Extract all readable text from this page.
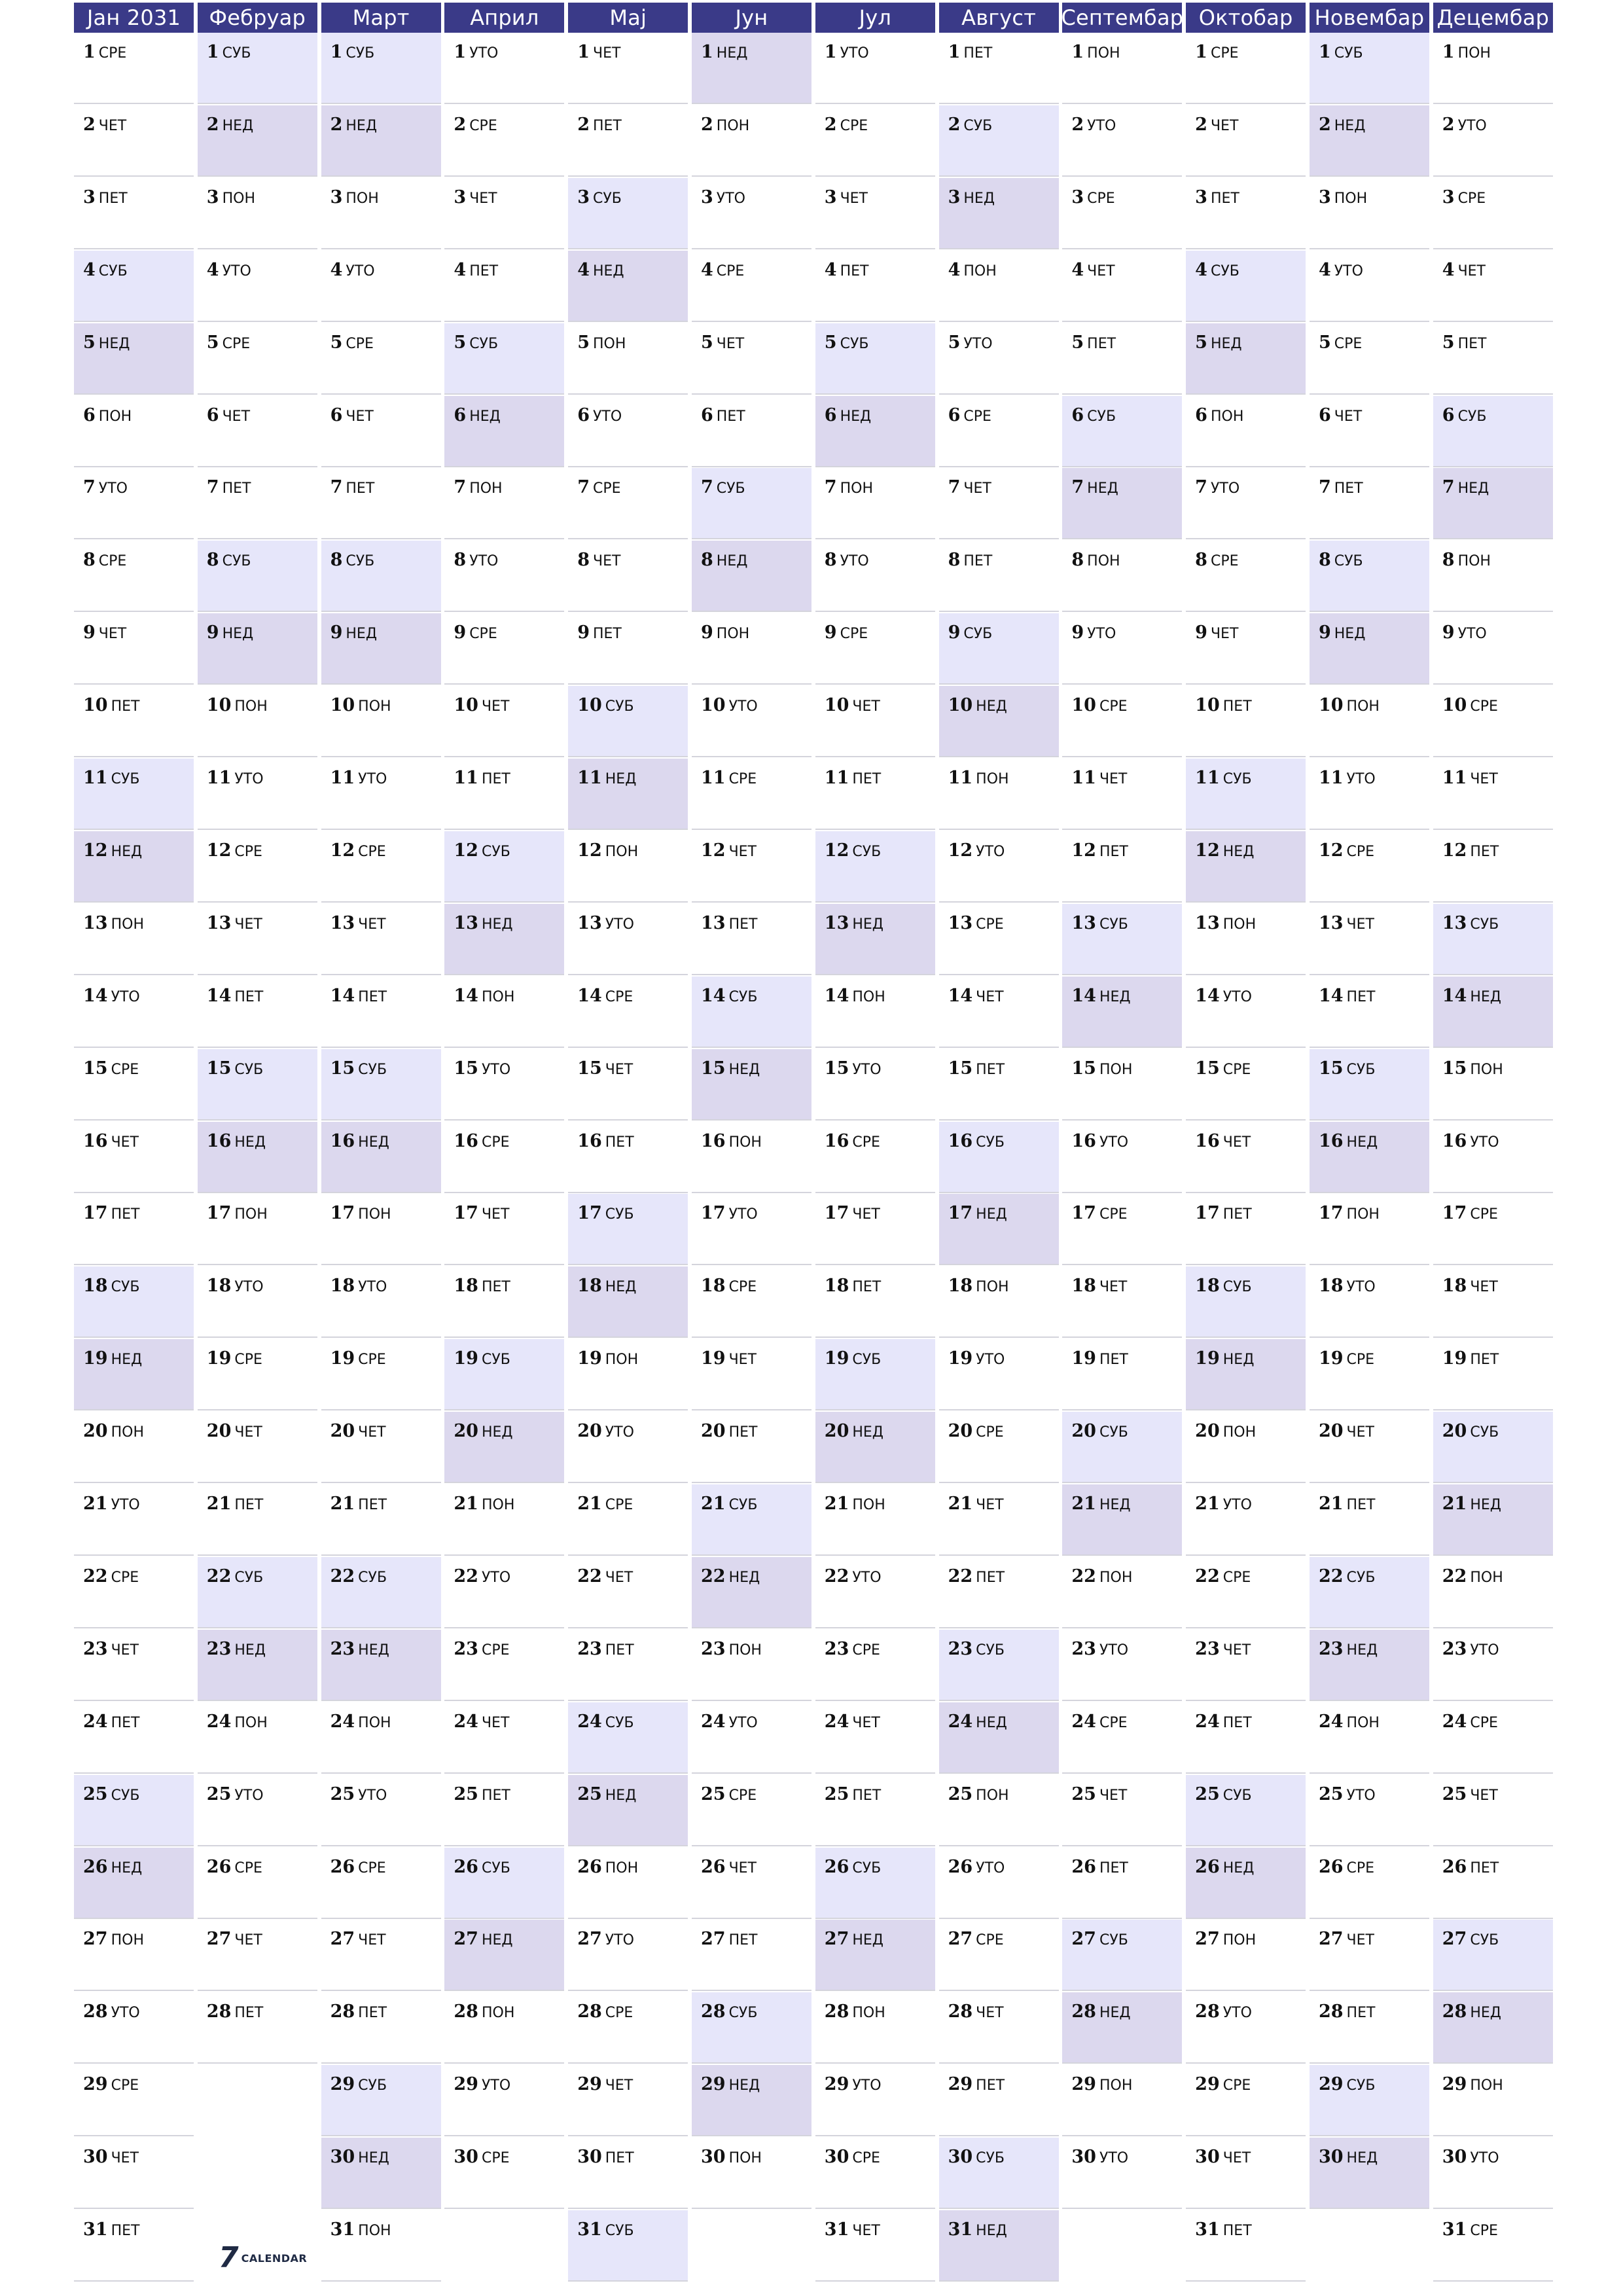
Јан 2031
1 СРЕ
2 ЧЕТ
3 ПЕТ
4 СУБ
5 НЕД
6 ПОН
7 УТО
8 СРЕ
9 ЧЕТ
10 ПЕТ
11 СУБ
12 НЕД
13 ПОН
14 УТО
15 СРЕ
16 ЧЕТ
17 ПЕТ
18 СУБ
19 НЕД
20 ПОН
21 УТО
22 СРЕ
23 ЧЕТ
24 ПЕТ
25 СУБ
26 НЕД
27 ПОН
28 УТО
29 СРЕ
30 ЧЕТ
31 ПЕТ
Фебруар
1 СУБ
2 НЕД
3 ПОН
4 УТО
5 СРЕ
6 ЧЕТ
7 ПЕТ
8 СУБ
9 НЕД
10 ПОН
11 УТО
12 СРЕ
13 ЧЕТ
14 ПЕТ
15 СУБ
16 НЕД
17 ПОН
18 УТО
19 СРЕ
20 ЧЕТ
21 ПЕТ
22 СУБ
23 НЕД
24 ПОН
25 УТО
26 СРЕ
27 ЧЕТ
28 ПЕТ
Март
1 СУБ
2 НЕД
3 ПОН
4 УТО
5 СРЕ
6 ЧЕТ
7 ПЕТ
8 СУБ
9 НЕД
10 ПОН
11 УТО
12 СРЕ
13 ЧЕТ
14 ПЕТ
15 СУБ
16 НЕД
17 ПОН
18 УТО
19 СРЕ
20 ЧЕТ
21 ПЕТ
22 СУБ
23 НЕД
24 ПОН
25 УТО
26 СРЕ
27 ЧЕТ
28 ПЕТ
29 СУБ
30 НЕД
31 ПОН
Април
1 УТО
2 СРЕ
3 ЧЕТ
4 ПЕТ
5 СУБ
6 НЕД
7 ПОН
8 УТО
9 СРЕ
10 ЧЕТ
11 ПЕТ
12 СУБ
13 НЕД
14 ПОН
15 УТО
16 СРЕ
17 ЧЕТ
18 ПЕТ
19 СУБ
20 НЕД
21 ПОН
22 УТО
23 СРЕ
24 ЧЕТ
25 ПЕТ
26 СУБ
27 НЕД
28 ПОН
29 УТО
30 СРЕ
Мај
1 ЧЕТ
2 ПЕТ
3 СУБ
4 НЕД
5 ПОН
6 УТО
7 СРЕ
8 ЧЕТ
9 ПЕТ
10 СУБ
11 НЕД
12 ПОН
13 УТО
14 СРЕ
15 ЧЕТ
16 ПЕТ
17 СУБ
18 НЕД
19 ПОН
20 УТО
21 СРЕ
22 ЧЕТ
23 ПЕТ
24 СУБ
25 НЕД
26 ПОН
27 УТО
28 СРЕ
29 ЧЕТ
30 ПЕТ
31 СУБ
Јун
1 НЕД
2 ПОН
3 УТО
4 СРЕ
5 ЧЕТ
6 ПЕТ
7 СУБ
8 НЕД
9 ПОН
10 УТО
11 СРЕ
12 ЧЕТ
13 ПЕТ
14 СУБ
15 НЕД
16 ПОН
17 УТО
18 СРЕ
19 ЧЕТ
20 ПЕТ
21 СУБ
22 НЕД
23 ПОН
24 УТО
25 СРЕ
26 ЧЕТ
27 ПЕТ
28 СУБ
29 НЕД
30 ПОН
Јул
1 УТО
2 СРЕ
3 ЧЕТ
4 ПЕТ
5 СУБ
6 НЕД
7 ПОН
8 УТО
9 СРЕ
10 ЧЕТ
11 ПЕТ
12 СУБ
13 НЕД
14 ПОН
15 УТО
16 СРЕ
17 ЧЕТ
18 ПЕТ
19 СУБ
20 НЕД
21 ПОН
22 УТО
23 СРЕ
24 ЧЕТ
25 ПЕТ
26 СУБ
27 НЕД
28 ПОН
29 УТО
30 СРЕ
31 ЧЕТ
Август
1 ПЕТ
2 СУБ
3 НЕД
4 ПОН
5 УТО
6 СРЕ
7 ЧЕТ
8 ПЕТ
9 СУБ
10 НЕД
11 ПОН
12 УТО
13 СРЕ
14 ЧЕТ
15 ПЕТ
16 СУБ
17 НЕД
18 ПОН
19 УТО
20 СРЕ
21 ЧЕТ
22 ПЕТ
23 СУБ
24 НЕД
25 ПОН
26 УТО
27 СРЕ
28 ЧЕТ
29 ПЕТ
30 СУБ
31 НЕД
Септембар
1 ПОН
2 УТО
3 СРЕ
4 ЧЕТ
5 ПЕТ
6 СУБ
7 НЕД
8 ПОН
9 УТО
10 СРЕ
11 ЧЕТ
12 ПЕТ
13 СУБ
14 НЕД
15 ПОН
16 УТО
17 СРЕ
18 ЧЕТ
19 ПЕТ
20 СУБ
21 НЕД
22 ПОН
23 УТО
24 СРЕ
25 ЧЕТ
26 ПЕТ
27 СУБ
28 НЕД
29 ПОН
30 УТО
Октобар
1 СРЕ
2 ЧЕТ
3 ПЕТ
4 СУБ
5 НЕД
6 ПОН
7 УТО
8 СРЕ
9 ЧЕТ
10 ПЕТ
11 СУБ
12 НЕД
13 ПОН
14 УТО
15 СРЕ
16 ЧЕТ
17 ПЕТ
18 СУБ
19 НЕД
20 ПОН
21 УТО
22 СРЕ
23 ЧЕТ
24 ПЕТ
25 СУБ
26 НЕД
27 ПОН
28 УТО
29 СРЕ
30 ЧЕТ
31 ПЕТ
Новембар
1 СУБ
2 НЕД
3 ПОН
4 УТО
5 СРЕ
6 ЧЕТ
7 ПЕТ
8 СУБ
9 НЕД
10 ПОН
11 УТО
12 СРЕ
13 ЧЕТ
14 ПЕТ
15 СУБ
16 НЕД
17 ПОН
18 УТО
19 СРЕ
20 ЧЕТ
21 ПЕТ
22 СУБ
23 НЕД
24 ПОН
25 УТО
26 СРЕ
27 ЧЕТ
28 ПЕТ
29 СУБ
30 НЕД
Децембар
1 ПОН
2 УТО
3 СРЕ
4 ЧЕТ
5 ПЕТ
6 СУБ
7 НЕД
8 ПОН
9 УТО
10 СРЕ
11 ЧЕТ
12 ПЕТ
13 СУБ
14 НЕД
15 ПОН
16 УТО
17 СРЕ
18 ЧЕТ
19 ПЕТ
20 СУБ
21 НЕД
22 ПОН
23 УТО
24 СРЕ
25 ЧЕТ
26 ПЕТ
27 СУБ
28 НЕД
29 ПОН
30 УТО
31 СРЕ
7 CALENDAR
